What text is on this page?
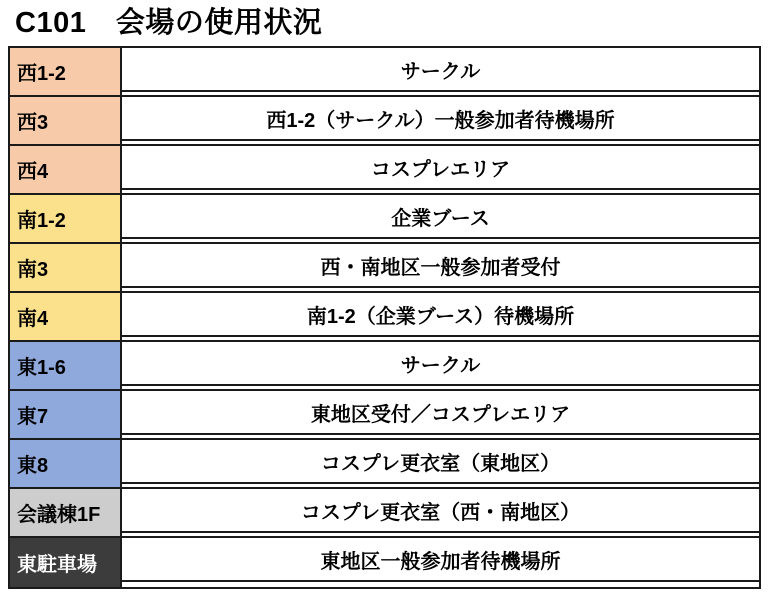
C101　会場の使用状況
西1-2	サークル
西3	西1-2（サークル）一般参加者待機場所
西4	コスプレエリア
南1-2	企業ブース
南3	西・南地区一般参加者受付
南4	南1-2（企業ブース）待機場所
東1-6	サークル
東7	東地区受付／コスプレエリア
東8	コスプレ更衣室（東地区）
会議棟1F	コスプレ更衣室（西・南地区）
東駐車場	東地区一般参加者待機場所
